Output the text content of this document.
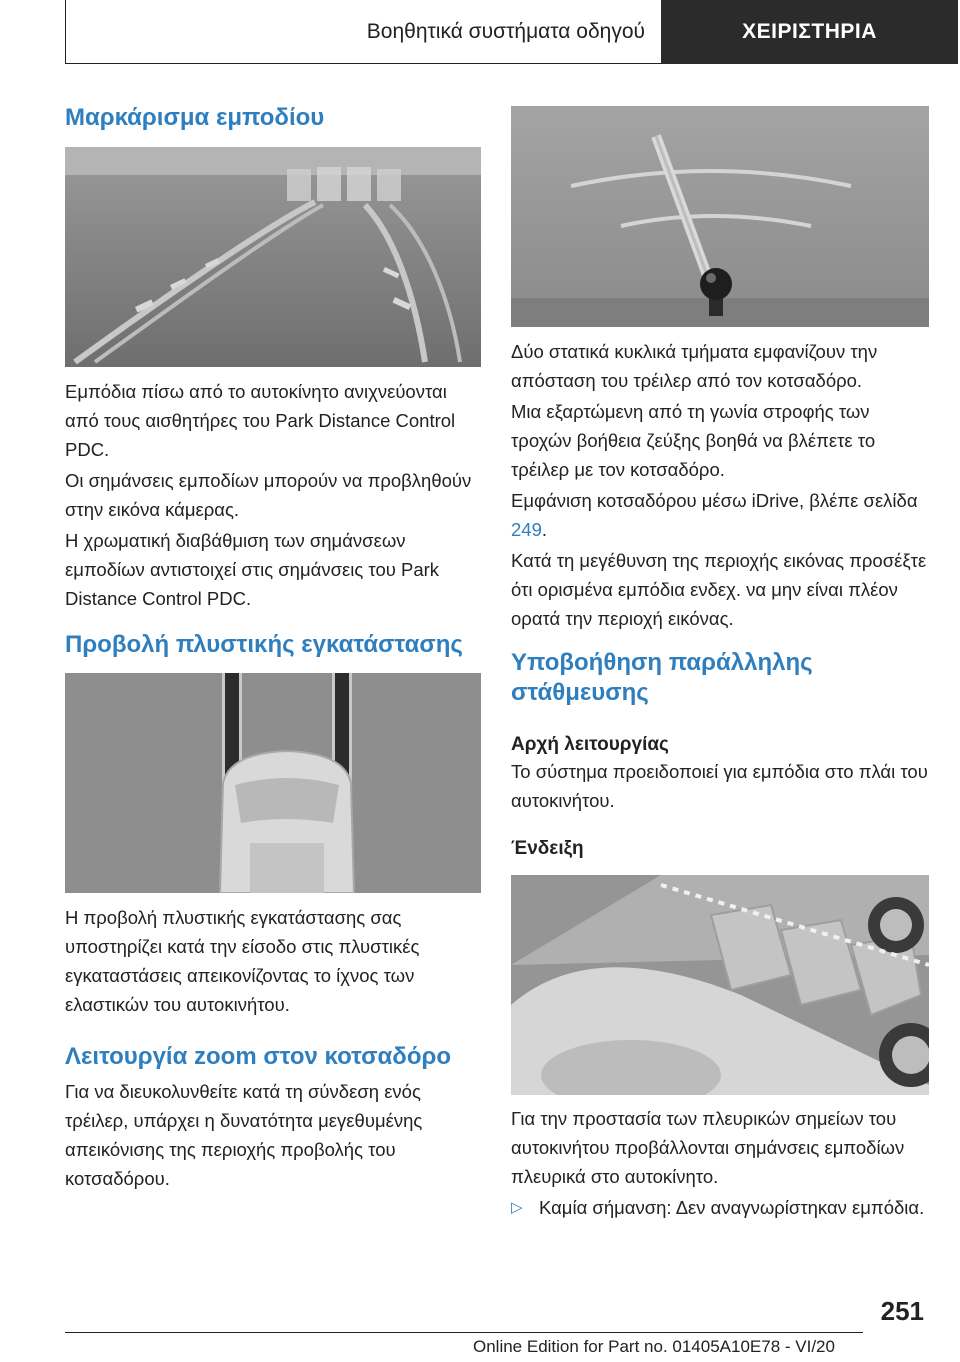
Βοηθητικά συστήματα οδηγού	ΧΕΙΡΙΣΤΗΡΙΑ
Μαρκάρισμα εμποδίου

Εμπόδια πίσω από το αυτοκίνητο ανιχνεύονται από τους αισθητήρες του Park Distance Control PDC.

Οι σημάνσεις εμποδίων μπορούν να προβληθούν στην εικόνα κάμερας.

Η χρωματική διαβάθμιση των σημάνσεων εμποδίων αντιστοιχεί στις σημάνσεις του Park Distance Control PDC.

Προβολή πλυστικής εγκατάστασης

Η προβολή πλυστικής εγκατάστασης σας υποστηρίζει κατά την είσοδο στις πλυστικές εγκαταστάσεις απεικονίζοντας το ίχνος των ελαστικών του αυτοκινήτου.

Λειτουργία zoom στον κοτσαδόρο

Για να διευκολυνθείτε κατά τη σύνδεση ενός τρέιλερ, υπάρχει η δυνατότητα μεγεθυμένης απεικόνισης της περιοχής προβολής του κοτσαδόρου.

Δύο στατικά κυκλικά τμήματα εμφανίζουν την απόσταση του τρέιλερ από τον κοτσαδόρο.

Μια εξαρτώμενη από τη γωνία στροφής των τροχών βοήθεια ζεύξης βοηθά να βλέπετε το τρέιλερ με τον κοτσαδόρο.

Εμφάνιση κοτσαδόρου μέσω iDrive, βλέπε σελίδα 249.

Κατά τη μεγέθυνση της περιοχής εικόνας προσέξτε ότι ορισμένα εμπόδια ενδεχ. να μην είναι πλέον ορατά την περιοχή εικόνας.

Υποβοήθηση παράλληλης στάθμευσης
Αρχή λειτουργίας

Το σύστημα προειδοποιεί για εμπόδια στο πλάι του αυτοκινήτου.

Ένδειξη

Για την προστασία των πλευρικών σημείων του αυτοκινήτου προβάλλονται σημάνσεις εμποδίων πλευρικά στο αυτοκίνητο.

▷ Καμία σήμανση: Δεν αναγνωρίστηκαν εμπόδια.
251
Online Edition for Part no. 01405A10E78 - VI/20
